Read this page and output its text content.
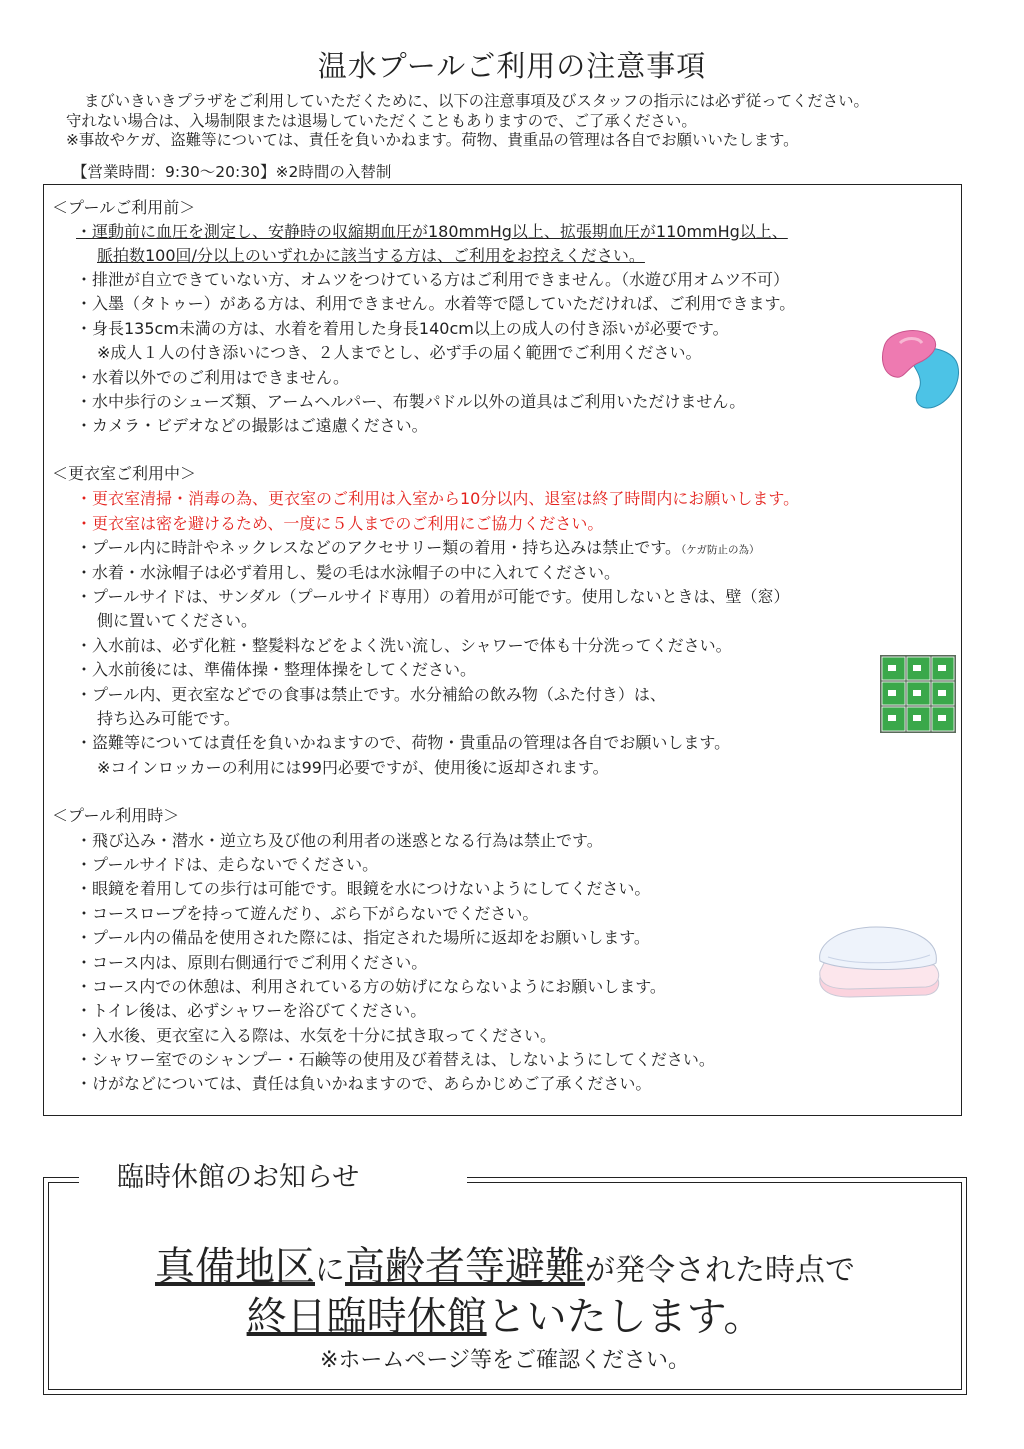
温水プールご利用の注意事項
まびいきいきプラザをご利用していただくために、以下の注意事項及びスタッフの指示には必ず従ってください。
守れない場合は、入場制限または退場していただくこともありますので、ご了承ください。
※事故やケガ、盗難等については、責任を負いかねます。荷物、貴重品の管理は各自でお願いいたします。
【営業時間：9:30〜20:30】※2時間の入替制
＜プールご利用前＞
・運動前に血圧を測定し、安静時の収縮期血圧が180mmHg以上、拡張期血圧が110mmHg以上、
脈拍数100回/分以上のいずれかに該当する方は、ご利用をお控えください。
・排泄が自立できていない方、オムツをつけている方はご利用できません。（水遊び用オムツ不可）
・入墨（タトゥー）がある方は、利用できません。水着等で隠していただければ、ご利用できます。
・身長135cm未満の方は、水着を着用した身長140cm以上の成人の付き添いが必要です。
※成人１人の付き添いにつき、２人までとし、必ず手の届く範囲でご利用ください。
・水着以外でのご利用はできません。
・水中歩行のシューズ類、アームヘルパー、布製パドル以外の道具はご利用いただけません。
・カメラ・ビデオなどの撮影はご遠慮ください。
＜更衣室ご利用中＞
・更衣室清掃・消毒の為、更衣室のご利用は入室から10分以内、退室は終了時間内にお願いします。
・更衣室は密を避けるため、一度に５人までのご利用にご協力ください。
・プール内に時計やネックレスなどのアクセサリー類の着用・持ち込みは禁止です。（ケガ防止の為）
・水着・水泳帽子は必ず着用し、髪の毛は水泳帽子の中に入れてください。
・プールサイドは、サンダル（プールサイド専用）の着用が可能です。使用しないときは、壁（窓）
側に置いてください。
・入水前は、必ず化粧・整髪料などをよく洗い流し、シャワーで体も十分洗ってください。
・入水前後には、準備体操・整理体操をしてください。
・プール内、更衣室などでの食事は禁止です。水分補給の飲み物（ふた付き）は、
持ち込み可能です。
・盗難等については責任を負いかねますので、荷物・貴重品の管理は各自でお願いします。
※コインロッカーの利用には99円必要ですが、使用後に返却されます。
＜プール利用時＞
・飛び込み・潜水・逆立ち及び他の利用者の迷惑となる行為は禁止です。
・プールサイドは、走らないでください。
・眼鏡を着用しての歩行は可能です。眼鏡を水につけないようにしてください。
・コースロープを持って遊んだり、ぶら下がらないでください。
・プール内の備品を使用された際には、指定された場所に返却をお願いします。
・コース内は、原則右側通行でご利用ください。
・コース内での休憩は、利用されている方の妨げにならないようにお願いします。
・トイレ後は、必ずシャワーを浴びてください。
・入水後、更衣室に入る際は、水気を十分に拭き取ってください。
・シャワー室でのシャンプー・石鹸等の使用及び着替えは、しないようにしてください。
・けがなどについては、責任は負いかねますので、あらかじめご了承ください。
臨時休館のお知らせ
真備地区に高齢者等避難が発令された時点で
終日臨時休館といたします。
※ホームページ等をご確認ください。
